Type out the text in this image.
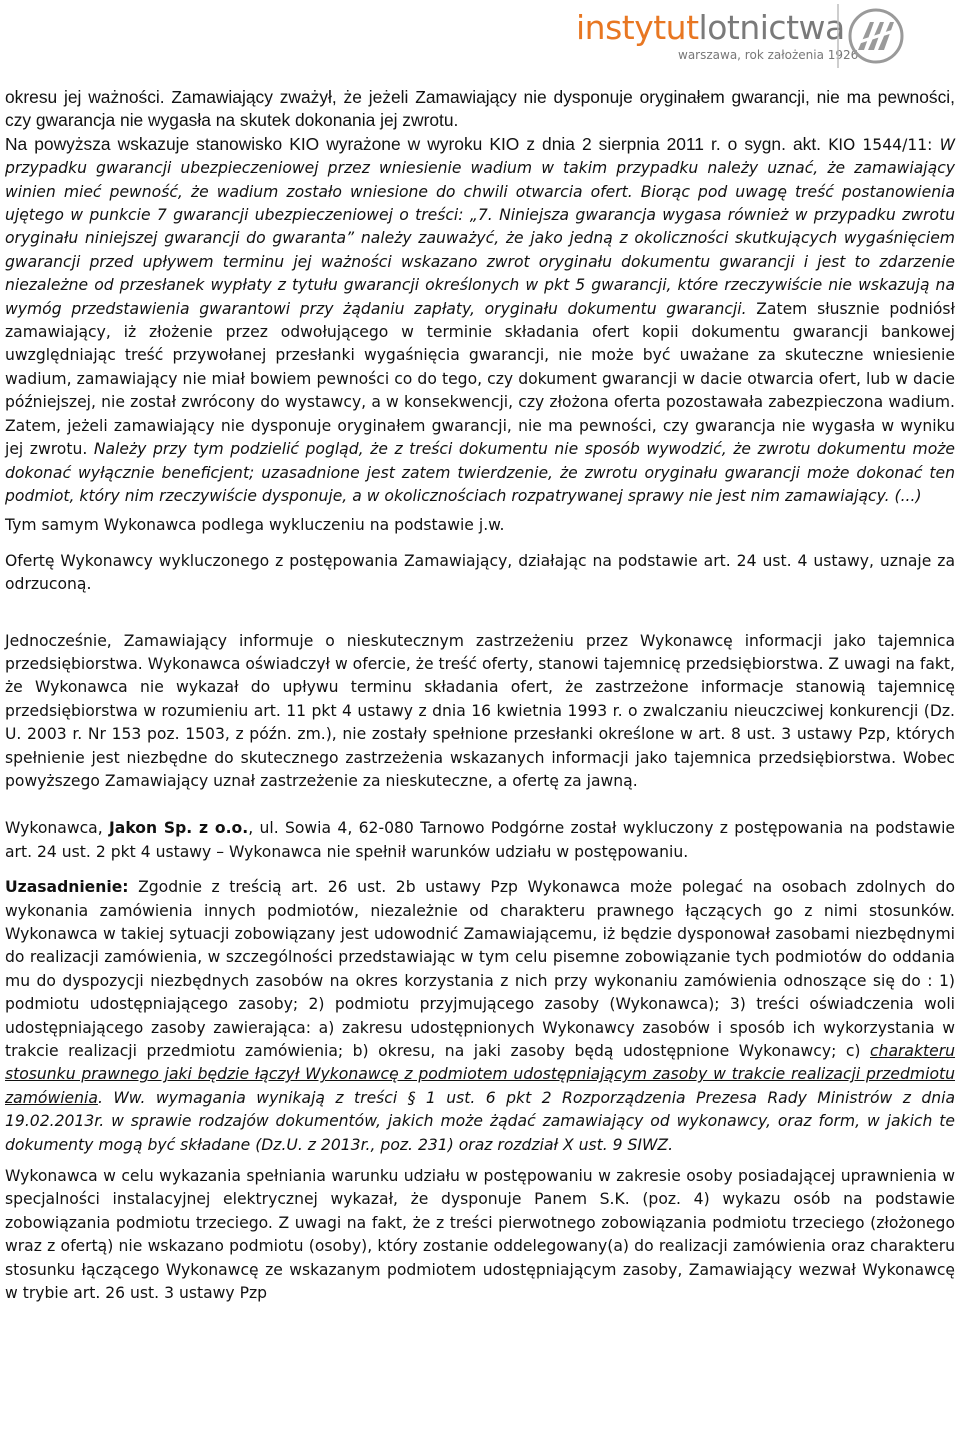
instytutlotnictwa
warszawa, rok założenia 1926

okresu jej ważności. Zamawiający zważył, że jeżeli Zamawiający nie dysponuje oryginałem gwarancji, nie ma pewności, czy gwarancja nie wygasła na skutek dokonania jej zwrotu.

Na powyższa wskazuje stanowisko KIO wyrażone w wyroku KIO z dnia 2 sierpnia 2011 r. o sygn. akt. KIO 1544/11: W przypadku gwarancji ubezpieczeniowej przez wniesienie wadium w takim przypadku należy uznać, że zamawiający winien mieć pewność, że wadium zostało wniesione do chwili otwarcia ofert. Biorąc pod uwagę treść postanowienia ujętego w punkcie 7 gwarancji ubezpieczeniowej o treści: „7. Niniejsza gwarancja wygasa również w przypadku zwrotu oryginału niniejszej gwarancji do gwaranta” należy zauważyć, że jako jedną z okoliczności skutkujących wygaśnięciem gwarancji przed upływem terminu jej ważności wskazano zwrot oryginału dokumentu gwarancji i jest to zdarzenie niezależne od przesłanek wypłaty z tytułu gwarancji określonych w pkt 5 gwarancji, które rzeczywiście nie wskazują na wymóg przedstawienia gwarantowi przy żądaniu zapłaty, oryginału dokumentu gwarancji. Zatem słusznie podniósł zamawiający, iż złożenie przez odwołującego w terminie składania ofert kopii dokumentu gwarancji bankowej uwzględniając treść przywołanej przesłanki wygaśnięcia gwarancji, nie może być uważane za skuteczne wniesienie wadium, zamawiający nie miał bowiem pewności co do tego, czy dokument gwarancji w dacie otwarcia ofert, lub w dacie późniejszej, nie został zwrócony do wystawcy, a w konsekwencji, czy złożona oferta pozostawała zabezpieczona wadium. Zatem, jeżeli zamawiający nie dysponuje oryginałem gwarancji, nie ma pewności, czy gwarancja nie wygasła w wyniku jej zwrotu. Należy przy tym podzielić pogląd, że z treści dokumentu nie sposób wywodzić, że zwrotu dokumentu może dokonać wyłącznie beneficjent; uzasadnione jest zatem twierdzenie, że zwrotu oryginału gwarancji może dokonać ten podmiot, który nim rzeczywiście dysponuje, a w okolicznościach rozpatrywanej sprawy nie jest nim zamawiający. (...)

Tym samym Wykonawca podlega wykluczeniu na podstawie j.w.

Ofertę Wykonawcy wykluczonego z postępowania Zamawiający, działając na podstawie art. 24 ust. 4 ustawy, uznaje za odrzuconą.

Jednocześnie, Zamawiający informuje o nieskutecznym zastrzeżeniu przez Wykonawcę informacji jako tajemnica przedsiębiorstwa. Wykonawca oświadczył w ofercie, że treść oferty, stanowi tajemnicę przedsiębiorstwa. Z uwagi na fakt, że Wykonawca nie wykazał do upływu terminu składania ofert, że zastrzeżone informacje stanowią tajemnicę przedsiębiorstwa w rozumieniu art. 11 pkt 4 ustawy z dnia 16 kwietnia 1993 r. o zwalczaniu nieuczciwej konkurencji (Dz. U. 2003 r. Nr 153 poz. 1503, z późn. zm.), nie zostały spełnione przesłanki określone w art. 8 ust. 3 ustawy Pzp, których spełnienie jest niezbędne do skutecznego zastrzeżenia wskazanych informacji jako tajemnica przedsiębiorstwa. Wobec powyższego Zamawiający uznał zastrzeżenie za nieskuteczne, a ofertę za jawną.

Wykonawca, Jakon Sp. z o.o., ul. Sowia 4, 62-080 Tarnowo Podgórne został wykluczony z postępowania na podstawie art. 24 ust. 2 pkt 4 ustawy – Wykonawca nie spełnił warunków udziału w postępowaniu.

Uzasadnienie: Zgodnie z treścią art. 26 ust. 2b ustawy Pzp Wykonawca może polegać na osobach zdolnych do wykonania zamówienia innych podmiotów, niezależnie od charakteru prawnego łączących go z nimi stosunków. Wykonawca w takiej sytuacji zobowiązany jest udowodnić Zamawiającemu, iż będzie dysponował zasobami niezbędnymi do realizacji zamówienia, w szczególności przedstawiając w tym celu pisemne zobowiązanie tych podmiotów do oddania mu do dyspozycji niezbędnych zasobów na okres korzystania z nich przy wykonaniu zamówienia odnoszące się do : 1) podmiotu udostępniającego zasoby; 2) podmiotu przyjmującego zasoby (Wykonawca); 3) treści oświadczenia woli udostępniającego zasoby zawierająca: a) zakresu udostępnionych Wykonawcy zasobów i sposób ich wykorzystania w trakcie realizacji przedmiotu zamówienia; b) okresu, na jaki zasoby będą udostępnione Wykonawcy; c) charakteru stosunku prawnego jaki będzie łączył Wykonawcę z podmiotem udostępniającym zasoby w trakcie realizacji przedmiotu zamówienia. Ww. wymagania wynikają z treści § 1 ust. 6 pkt 2 Rozporządzenia Prezesa Rady Ministrów z dnia 19.02.2013r. w sprawie rodzajów dokumentów, jakich może żądać zamawiający od wykonawcy, oraz form, w jakich te dokumenty mogą być składane (Dz.U. z 2013r., poz. 231) oraz rozdział X ust. 9 SIWZ.

Wykonawca w celu wykazania spełniania warunku udziału w postępowaniu w zakresie osoby posiadającej uprawnienia w specjalności instalacyjnej elektrycznej wykazał, że dysponuje Panem S.K. (poz. 4) wykazu osób na podstawie zobowiązania podmiotu trzeciego. Z uwagi na fakt, że z treści pierwotnego zobowiązania podmiotu trzeciego (złożonego wraz z ofertą) nie wskazano podmiotu (osoby), który zostanie oddelegowany(a) do realizacji zamówienia oraz charakteru stosunku łączącego Wykonawcę ze wskazanym podmiotem udostępniającym zasoby, Zamawiający wezwał Wykonawcę w trybie art. 26 ust. 3 ustawy Pzp
